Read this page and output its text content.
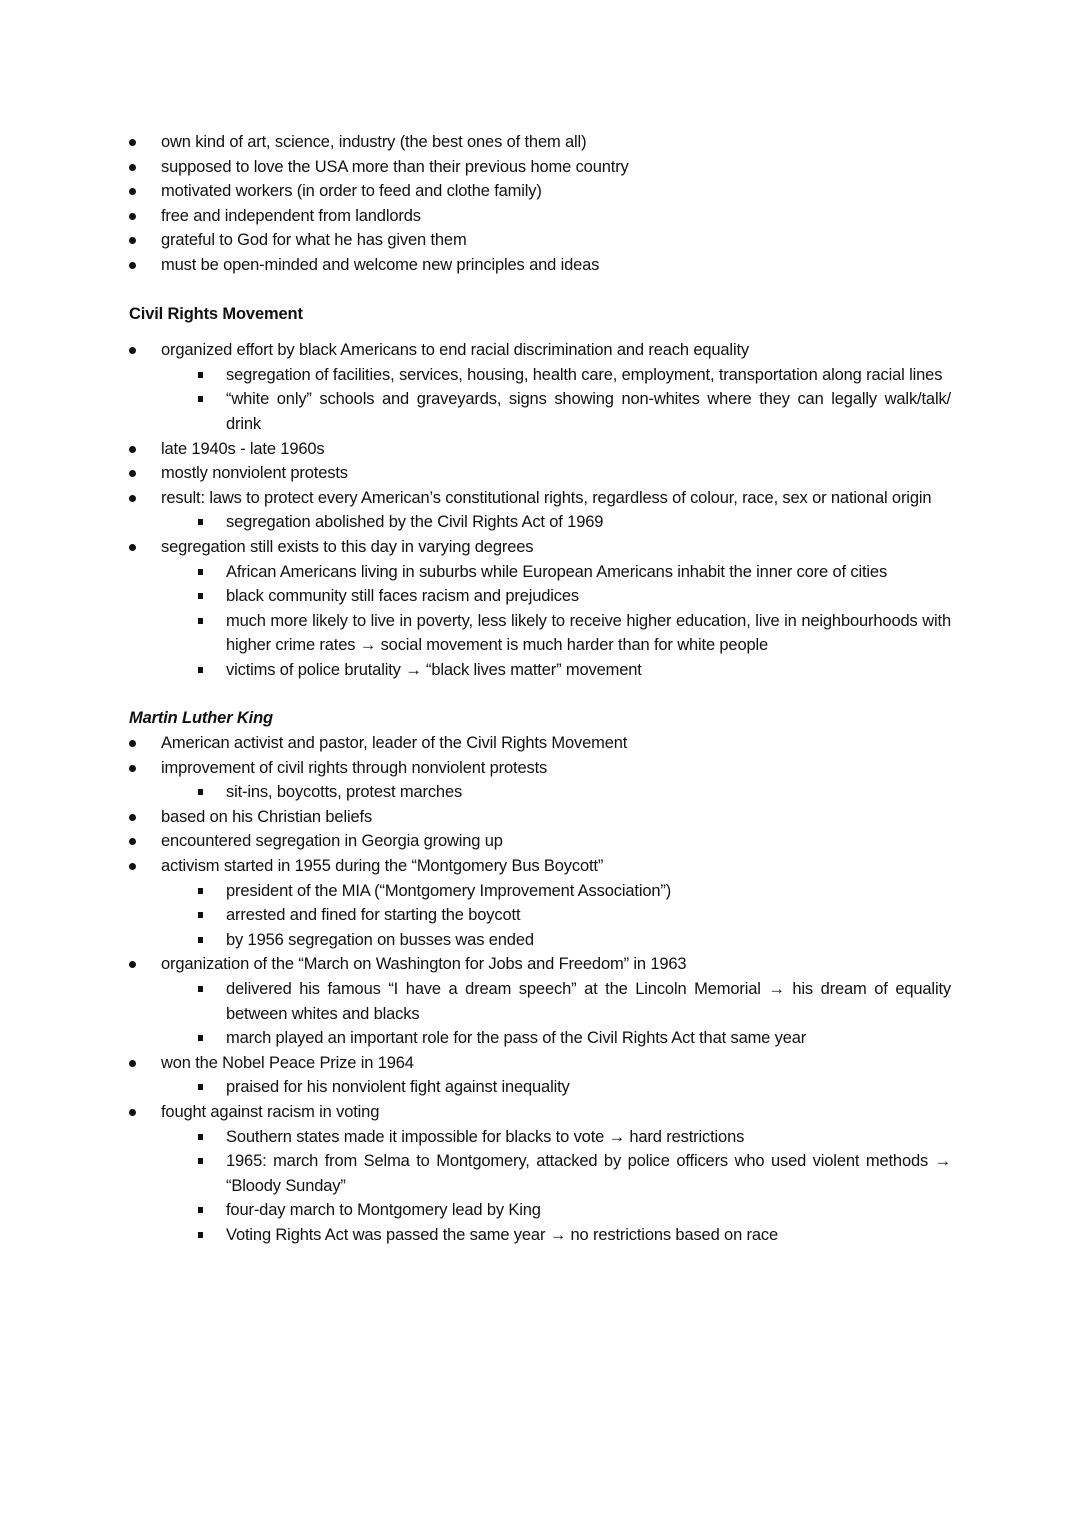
own kind of art, science, industry (the best ones of them all)
supposed to love the USA more than their previous home country
motivated workers (in order to feed and clothe family)
free and independent from landlords
grateful to God for what he has given them
must be open-minded and welcome new principles and ideas
Civil Rights Movement
organized effort by black Americans to end racial discrimination and reach equality
segregation of facilities, services, housing, health care, employment, transportation along racial lines
“white only” schools and graveyards, signs showing non-whites where they can legally walk/talk/ drink
late 1940s - late 1960s
mostly nonviolent protests
result: laws to protect every American’s constitutional rights, regardless of colour, race, sex or national origin
segregation abolished by the Civil Rights Act of 1969
segregation still exists to this day in varying degrees
African Americans living in suburbs while European Americans inhabit the inner core of cities
black community still faces racism and prejudices
much more likely to live in poverty, less likely to receive higher education, live in neighbourhoods with higher crime rates → social movement is much harder than for white people
victims of police brutality → “black lives matter” movement
Martin Luther King
American activist and pastor, leader of the Civil Rights Movement
improvement of civil rights through nonviolent protests
sit-ins, boycotts, protest marches
based on his Christian beliefs
encountered segregation in Georgia growing up
activism started in 1955 during the “Montgomery Bus Boycott”
president of the MIA (“Montgomery Improvement Association”)
arrested and fined for starting the boycott
by 1956 segregation on busses was ended
organization of the “March on Washington for Jobs and Freedom” in 1963
delivered his famous “I have a dream speech” at the Lincoln Memorial → his dream of equality between whites and blacks
march played an important role for the pass of the Civil Rights Act that same year
won the Nobel Peace Prize in 1964
praised for his nonviolent fight against inequality
fought against racism in voting
Southern states made it impossible for blacks to vote → hard restrictions
1965: march from Selma to Montgomery, attacked by police officers who used violent methods → “Bloody Sunday”
four-day march to Montgomery lead by King
Voting Rights Act was passed the same year → no restrictions based on race
